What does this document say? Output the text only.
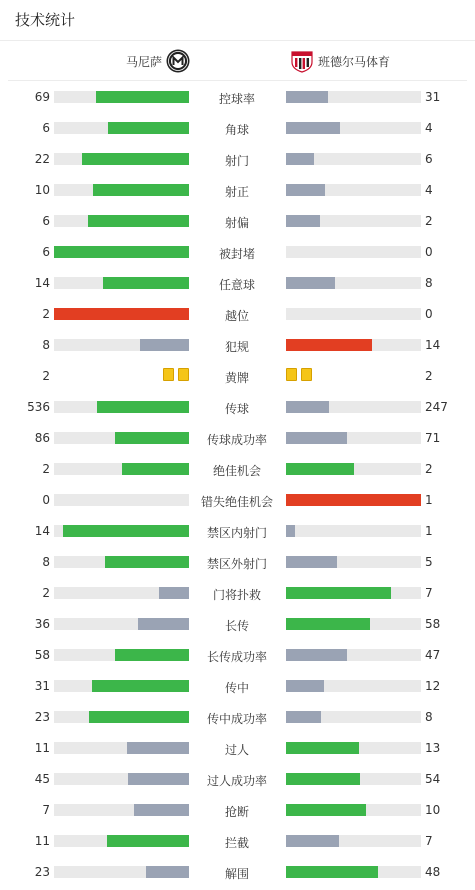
技术统计
马尼萨	班德尔马体育
69	控球率	31
6	角球	4
22	射门	6
10	射正	4
6	射偏	2
6	被封堵	0
14	任意球	8
2	越位	0
8	犯规	14
2	黄牌	2
536	传球	247
86	传球成功率	71
2	绝佳机会	2
0	错失绝佳机会	1
14	禁区内射门	1
8	禁区外射门	5
2	门将扑救	7
36	长传	58
58	长传成功率	47
31	传中	12
23	传中成功率	8
11	过人	13
45	过人成功率	54
7	抢断	10
11	拦截	7
23	解围	48
